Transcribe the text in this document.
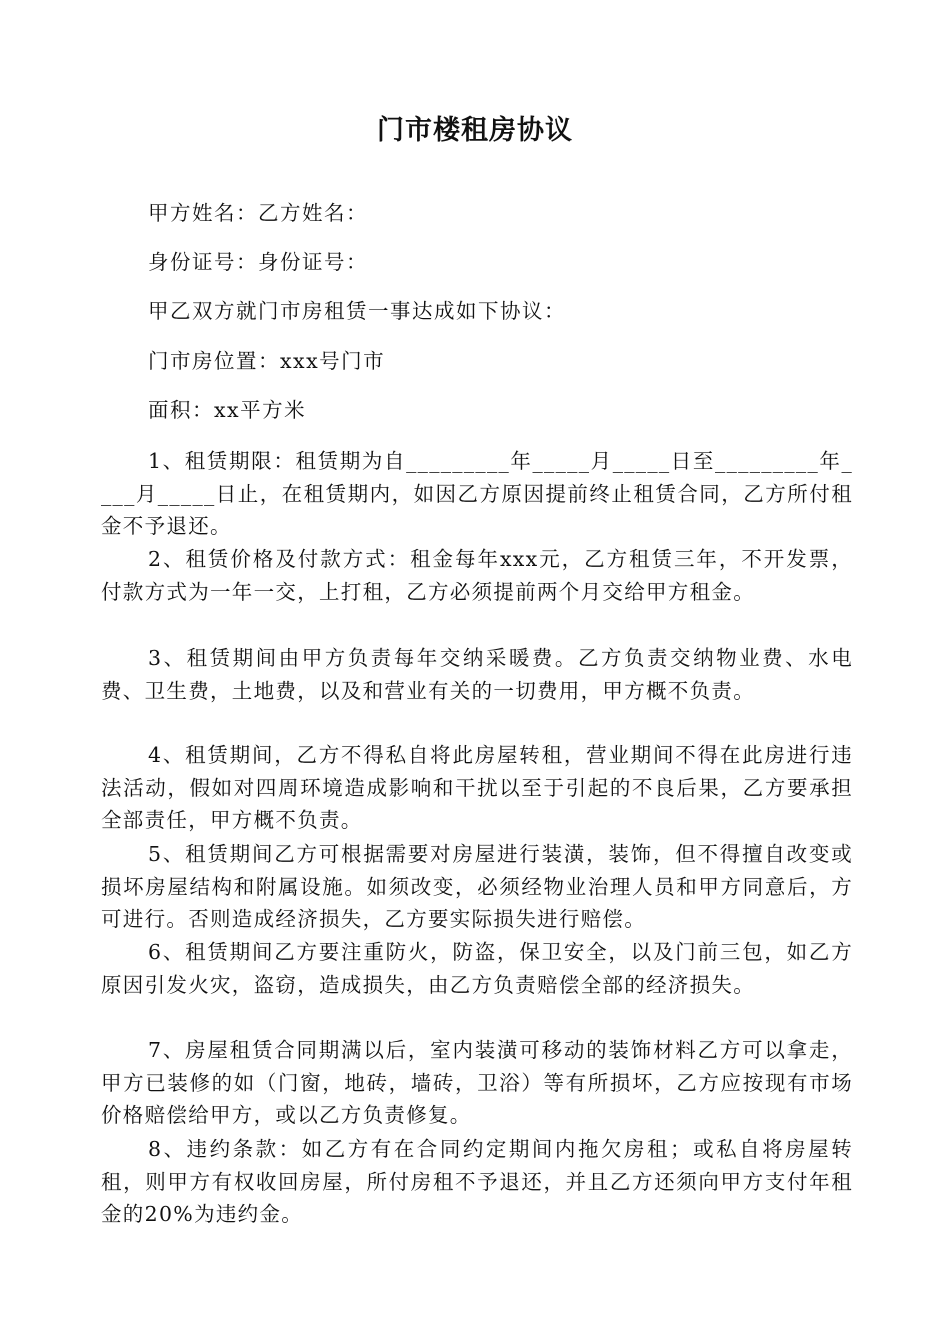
门市楼租房协议

甲方姓名：乙方姓名：

身份证号：身份证号：

甲乙双方就门市房租赁一事达成如下协议：

门市房位置：xxx号门市

面积：xx平方米

1、租赁期限：租赁期为自_________年_____月_____日至_________年____月_____日止，在租赁期内，如因乙方原因提前终止租赁合同，乙方所付租金不予退还。

2、租赁价格及付款方式：租金每年xxx元，乙方租赁三年，不开发票，付款方式为一年一交，上打租，乙方必须提前两个月交给甲方租金。

3、租赁期间由甲方负责每年交纳采暖费。乙方负责交纳物业费、水电费、卫生费，土地费，以及和营业有关的一切费用，甲方概不负责。

4、租赁期间，乙方不得私自将此房屋转租，营业期间不得在此房进行违法活动，假如对四周环境造成影响和干扰以至于引起的不良后果，乙方要承担全部责任，甲方概不负责。

5、租赁期间乙方可根据需要对房屋进行装潢，装饰，但不得擅自改变或损坏房屋结构和附属设施。如须改变，必须经物业治理人员和甲方同意后，方可进行。否则造成经济损失，乙方要实际损失进行赔偿。

6、租赁期间乙方要注重防火，防盗，保卫安全，以及门前三包，如乙方原因引发火灾，盗窃，造成损失，由乙方负责赔偿全部的经济损失。

7、房屋租赁合同期满以后，室内装潢可移动的装饰材料乙方可以拿走，甲方已装修的如（门窗，地砖，墙砖，卫浴）等有所损坏，乙方应按现有市场价格赔偿给甲方，或以乙方负责修复。

8、违约条款：如乙方有在合同约定期间内拖欠房租；或私自将房屋转租，则甲方有权收回房屋，所付房租不予退还，并且乙方还须向甲方支付年租金的20%为违约金。
